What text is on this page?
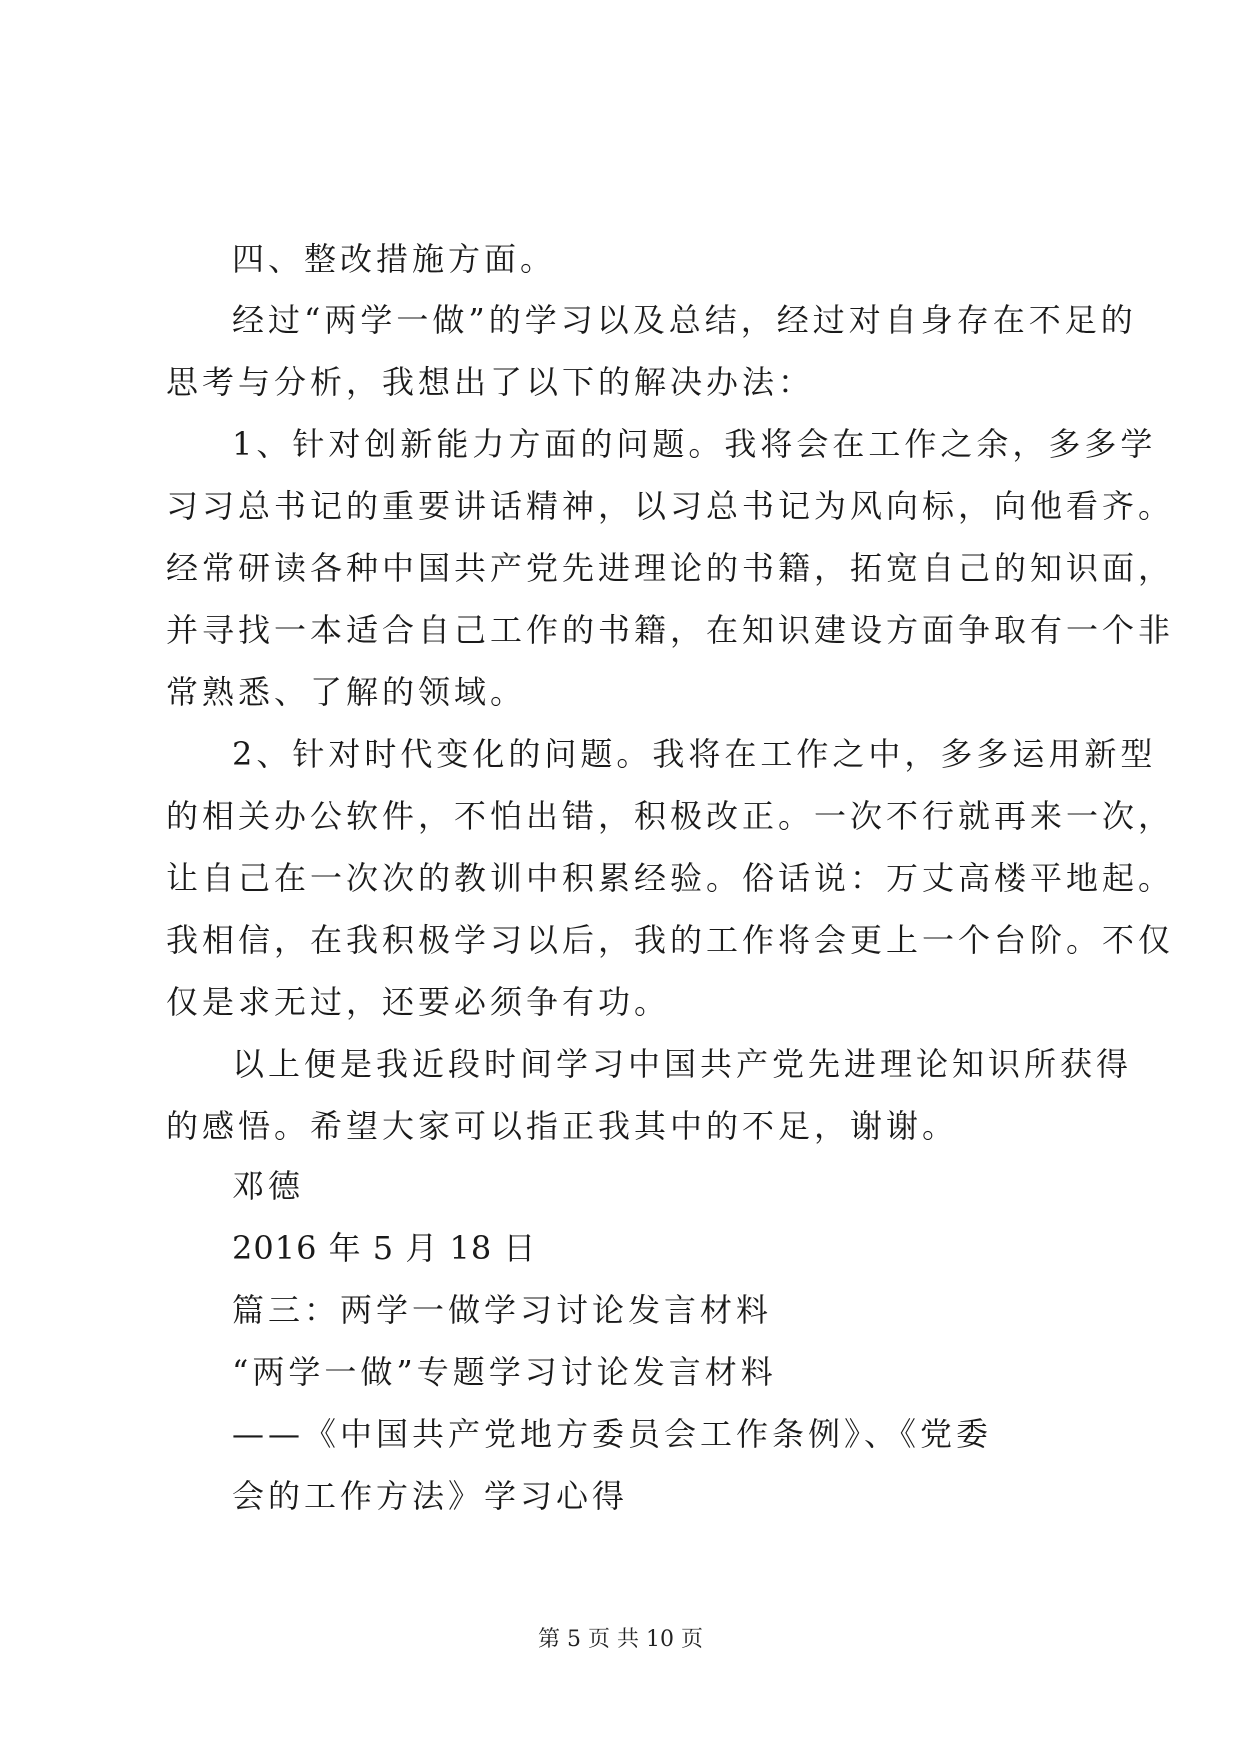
四、整改措施方面。
经过“两学一做”的学习以及总结，经过对自身存在不足的
思考与分析，我想出了以下的解决办法：
1、针对创新能力方面的问题。我将会在工作之余，多多学
习习总书记的重要讲话精神，以习总书记为风向标，向他看齐。
经常研读各种中国共产党先进理论的书籍，拓宽自己的知识面，
并寻找一本适合自己工作的书籍，在知识建设方面争取有一个非
常熟悉、了解的领域。
2、针对时代变化的问题。我将在工作之中，多多运用新型
的相关办公软件，不怕出错，积极改正。一次不行就再来一次，
让自己在一次次的教训中积累经验。俗话说：万丈高楼平地起。
我相信，在我积极学习以后，我的工作将会更上一个台阶。不仅
仅是求无过，还要必须争有功。
以上便是我近段时间学习中国共产党先进理论知识所获得
的感悟。希望大家可以指正我其中的不足，谢谢。
邓德
2016 年 5 月 18 日
篇三：两学一做学习讨论发言材料
“两学一做”专题学习讨论发言材料
——《中国共产党地方委员会工作条例》、《党委
会的工作方法》学习心得
第 5 页 共 10 页
